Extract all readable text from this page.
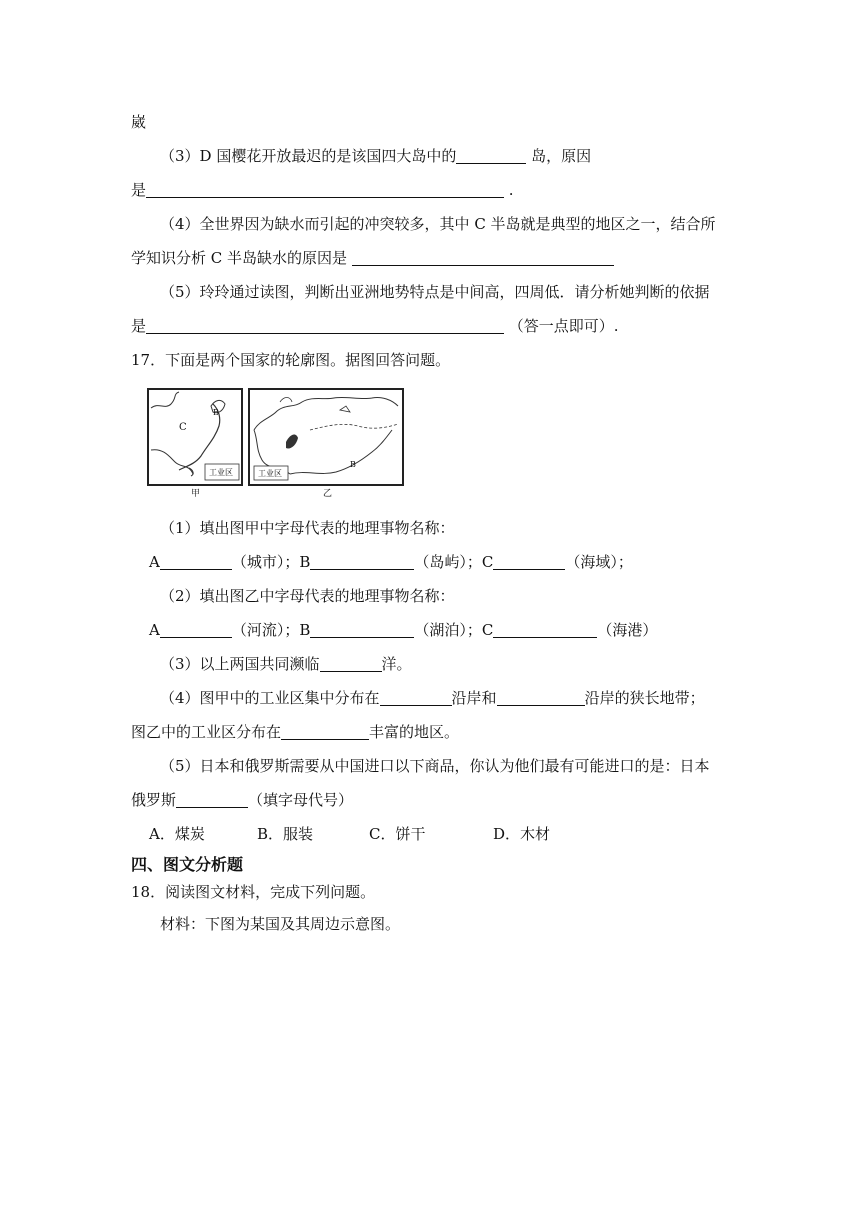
崴
（3）D 国樱花开放最迟的是该国四大岛中的	岛，原因
是	.
（4）全世界因为缺水而引起的冲突较多，其中 C 半岛就是典型的地区之一，结合所
学知识分析 C 半岛缺水的原因是
（5）玲玲通过读图，判断出亚洲地势特点是中间高，四周低．请分析她判断的依据
是	（答一点即可）.
17．下面是两个国家的轮廓图。据图回答问题。
C
B
工业区
甲
B
工业区
乙
（1）填出图甲中字母代表的地理事物名称：
A	（城市）；B	（岛屿）；C	（海域）；
（2）填出图乙中字母代表的地理事物名称：
A	（河流）；B	（湖泊）；C	（海港）
（3）以上两国共同濒临	洋。
（4）图甲中的工业区集中分布在	沿岸和	沿岸的狭长地带；
图乙中的工业区分布在	丰富的地区。
（5）日本和俄罗斯需要从中国进口以下商品，你认为他们最有可能进口的是：日本
俄罗斯	（填字母代号）
A．煤炭	B．服装	C．饼干	D．木材
四、图文分析题
18．阅读图文材料，完成下列问题。
材料：下图为某国及其周边示意图。
